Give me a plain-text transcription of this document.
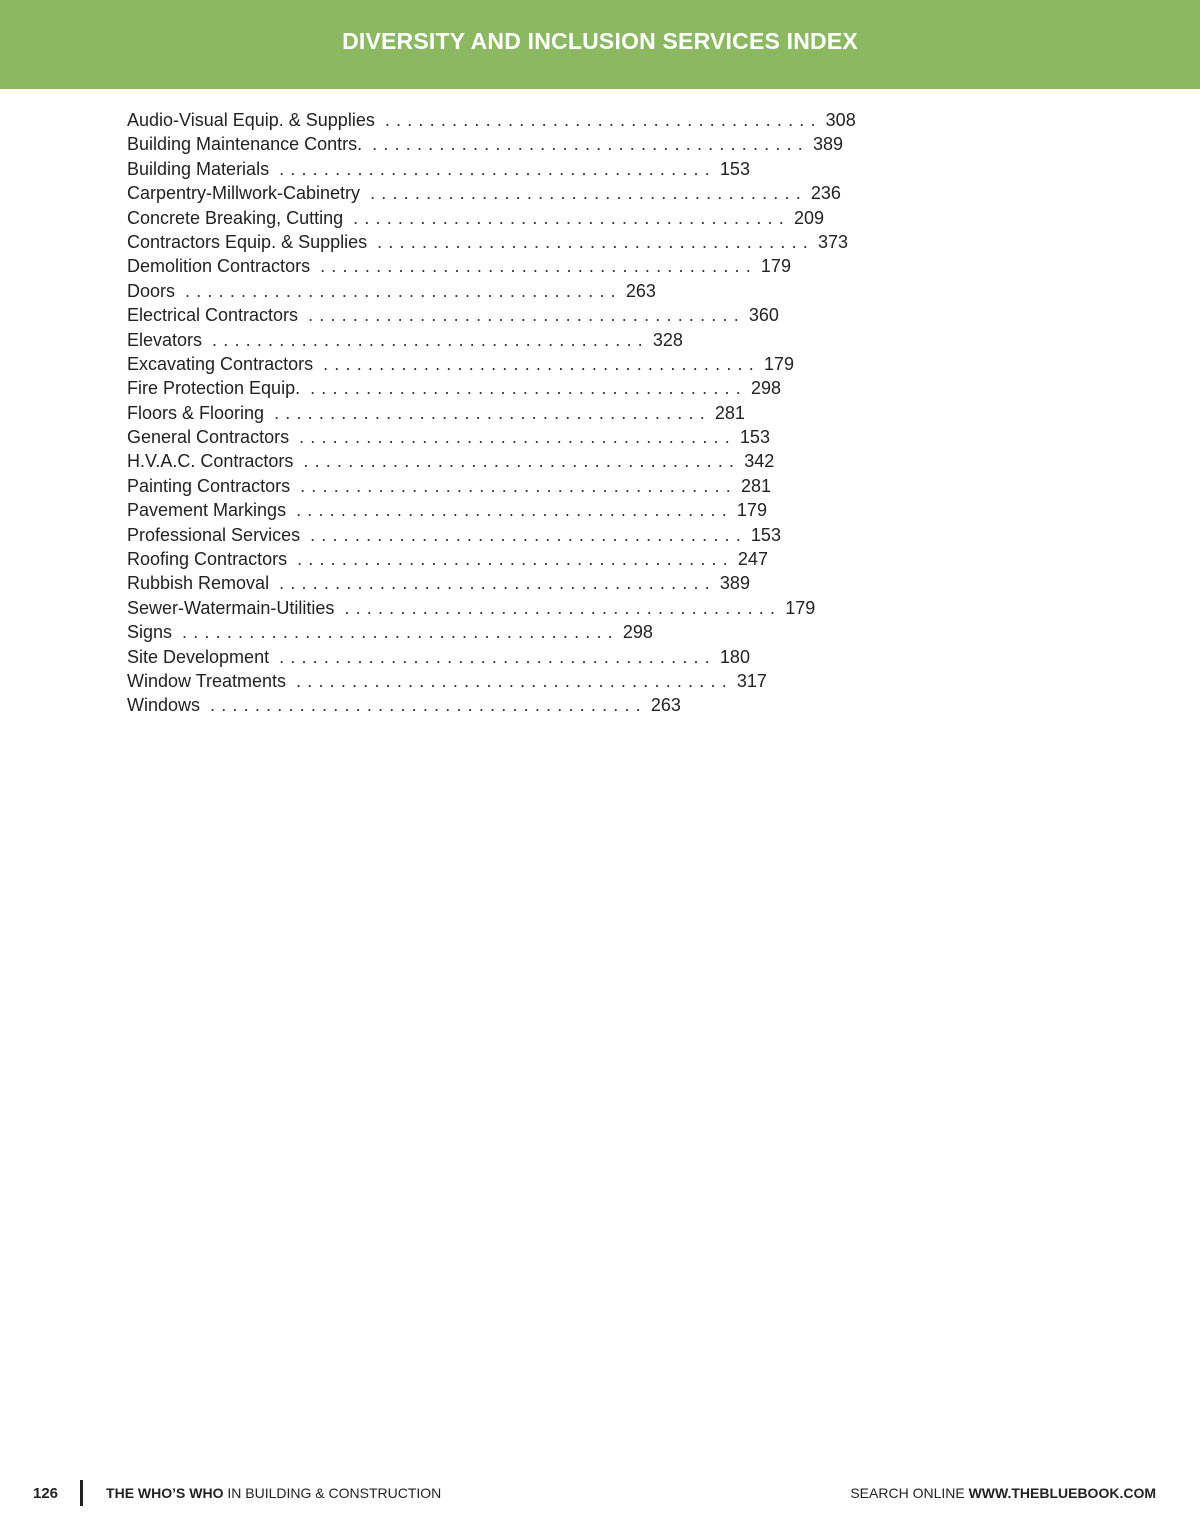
DIVERSITY AND INCLUSION SERVICES INDEX
Audio-Visual Equip. & Supplies ....................................... 308
Building Maintenance Contrs. ....................................... 389
Building Materials ....................................... 153
Carpentry-Millwork-Cabinetry ....................................... 236
Concrete Breaking, Cutting ....................................... 209
Contractors Equip. & Supplies ....................................... 373
Demolition Contractors ....................................... 179
Doors ....................................... 263
Electrical Contractors ....................................... 360
Elevators ....................................... 328
Excavating Contractors ....................................... 179
Fire Protection Equip. ....................................... 298
Floors & Flooring ....................................... 281
General Contractors ....................................... 153
H.V.A.C. Contractors ....................................... 342
Painting Contractors ....................................... 281
Pavement Markings ....................................... 179
Professional Services ....................................... 153
Roofing Contractors ....................................... 247
Rubbish Removal ....................................... 389
Sewer-Watermain-Utilities ....................................... 179
Signs ....................................... 298
Site Development ....................................... 180
Window Treatments ....................................... 317
Windows ....................................... 263
126	THE WHO’S WHO IN BUILDING & CONSTRUCTION	SEARCH ONLINE WWW.THEBLUEBOOK.COM
